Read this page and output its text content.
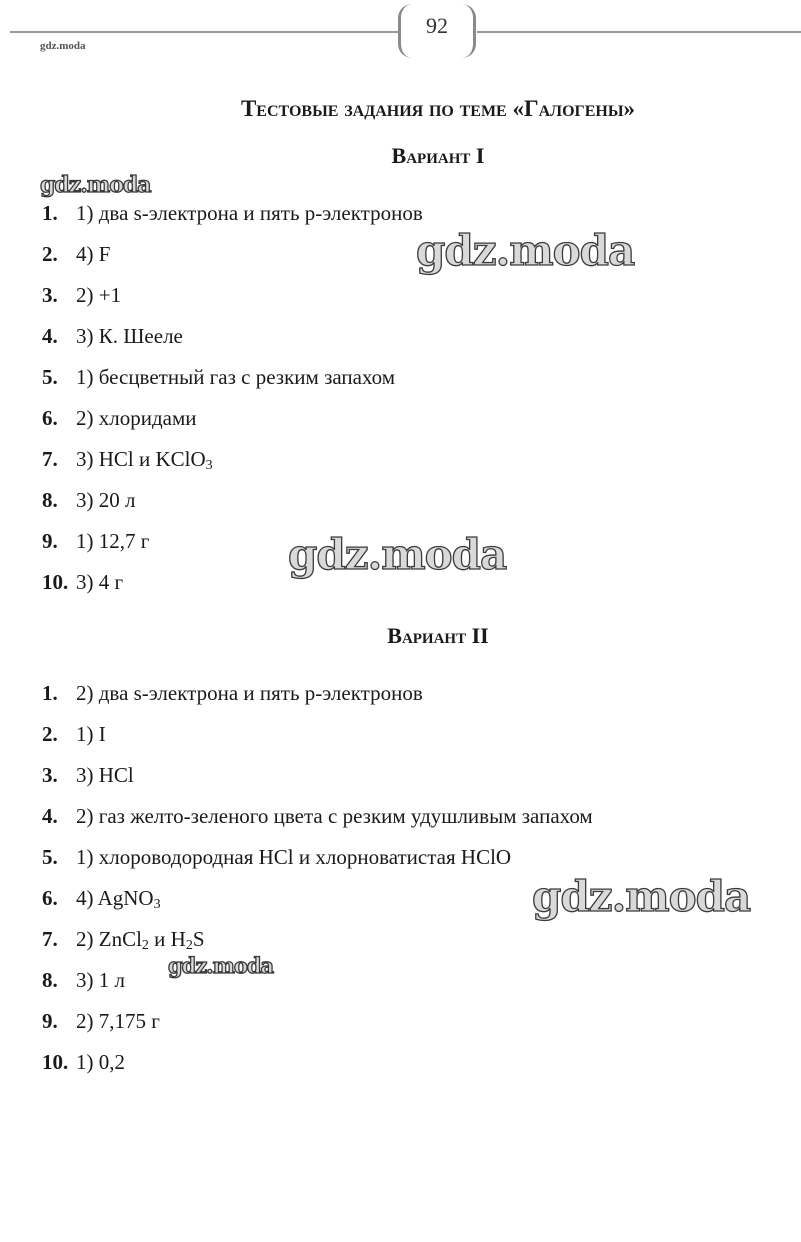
92
gdz.moda
Тестовые задания по теме «Галогены»
Вариант I
1. 1) два s-электрона и пять p-электронов
2. 4) F
3. 2) +1
4. 3) К. Шееле
5. 1) бесцветный газ с резким запахом
6. 2) хлоридами
7. 3) HCl и KClO$_3$
8. 3) 20 л
9. 1) 12,7 г
10. 3) 4 г
Вариант II
1. 2) два s-электрона и пять p-электронов
2. 1) I
3. 3) HCl
4. 2) газ желто-зеленого цвета с резким удушливым запахом
5. 1) хлороводородная HCl и хлорноватистая HClO
6. 4) AgNO$_3$
7. 2) ZnCl$_2$ и $H_2S$
8. 3) 1 л
9. 2) 7,175 г
10. 1) 0,2
gdz.moda
gdz.moda
gdz.moda
gdz.moda
gdz.moda
